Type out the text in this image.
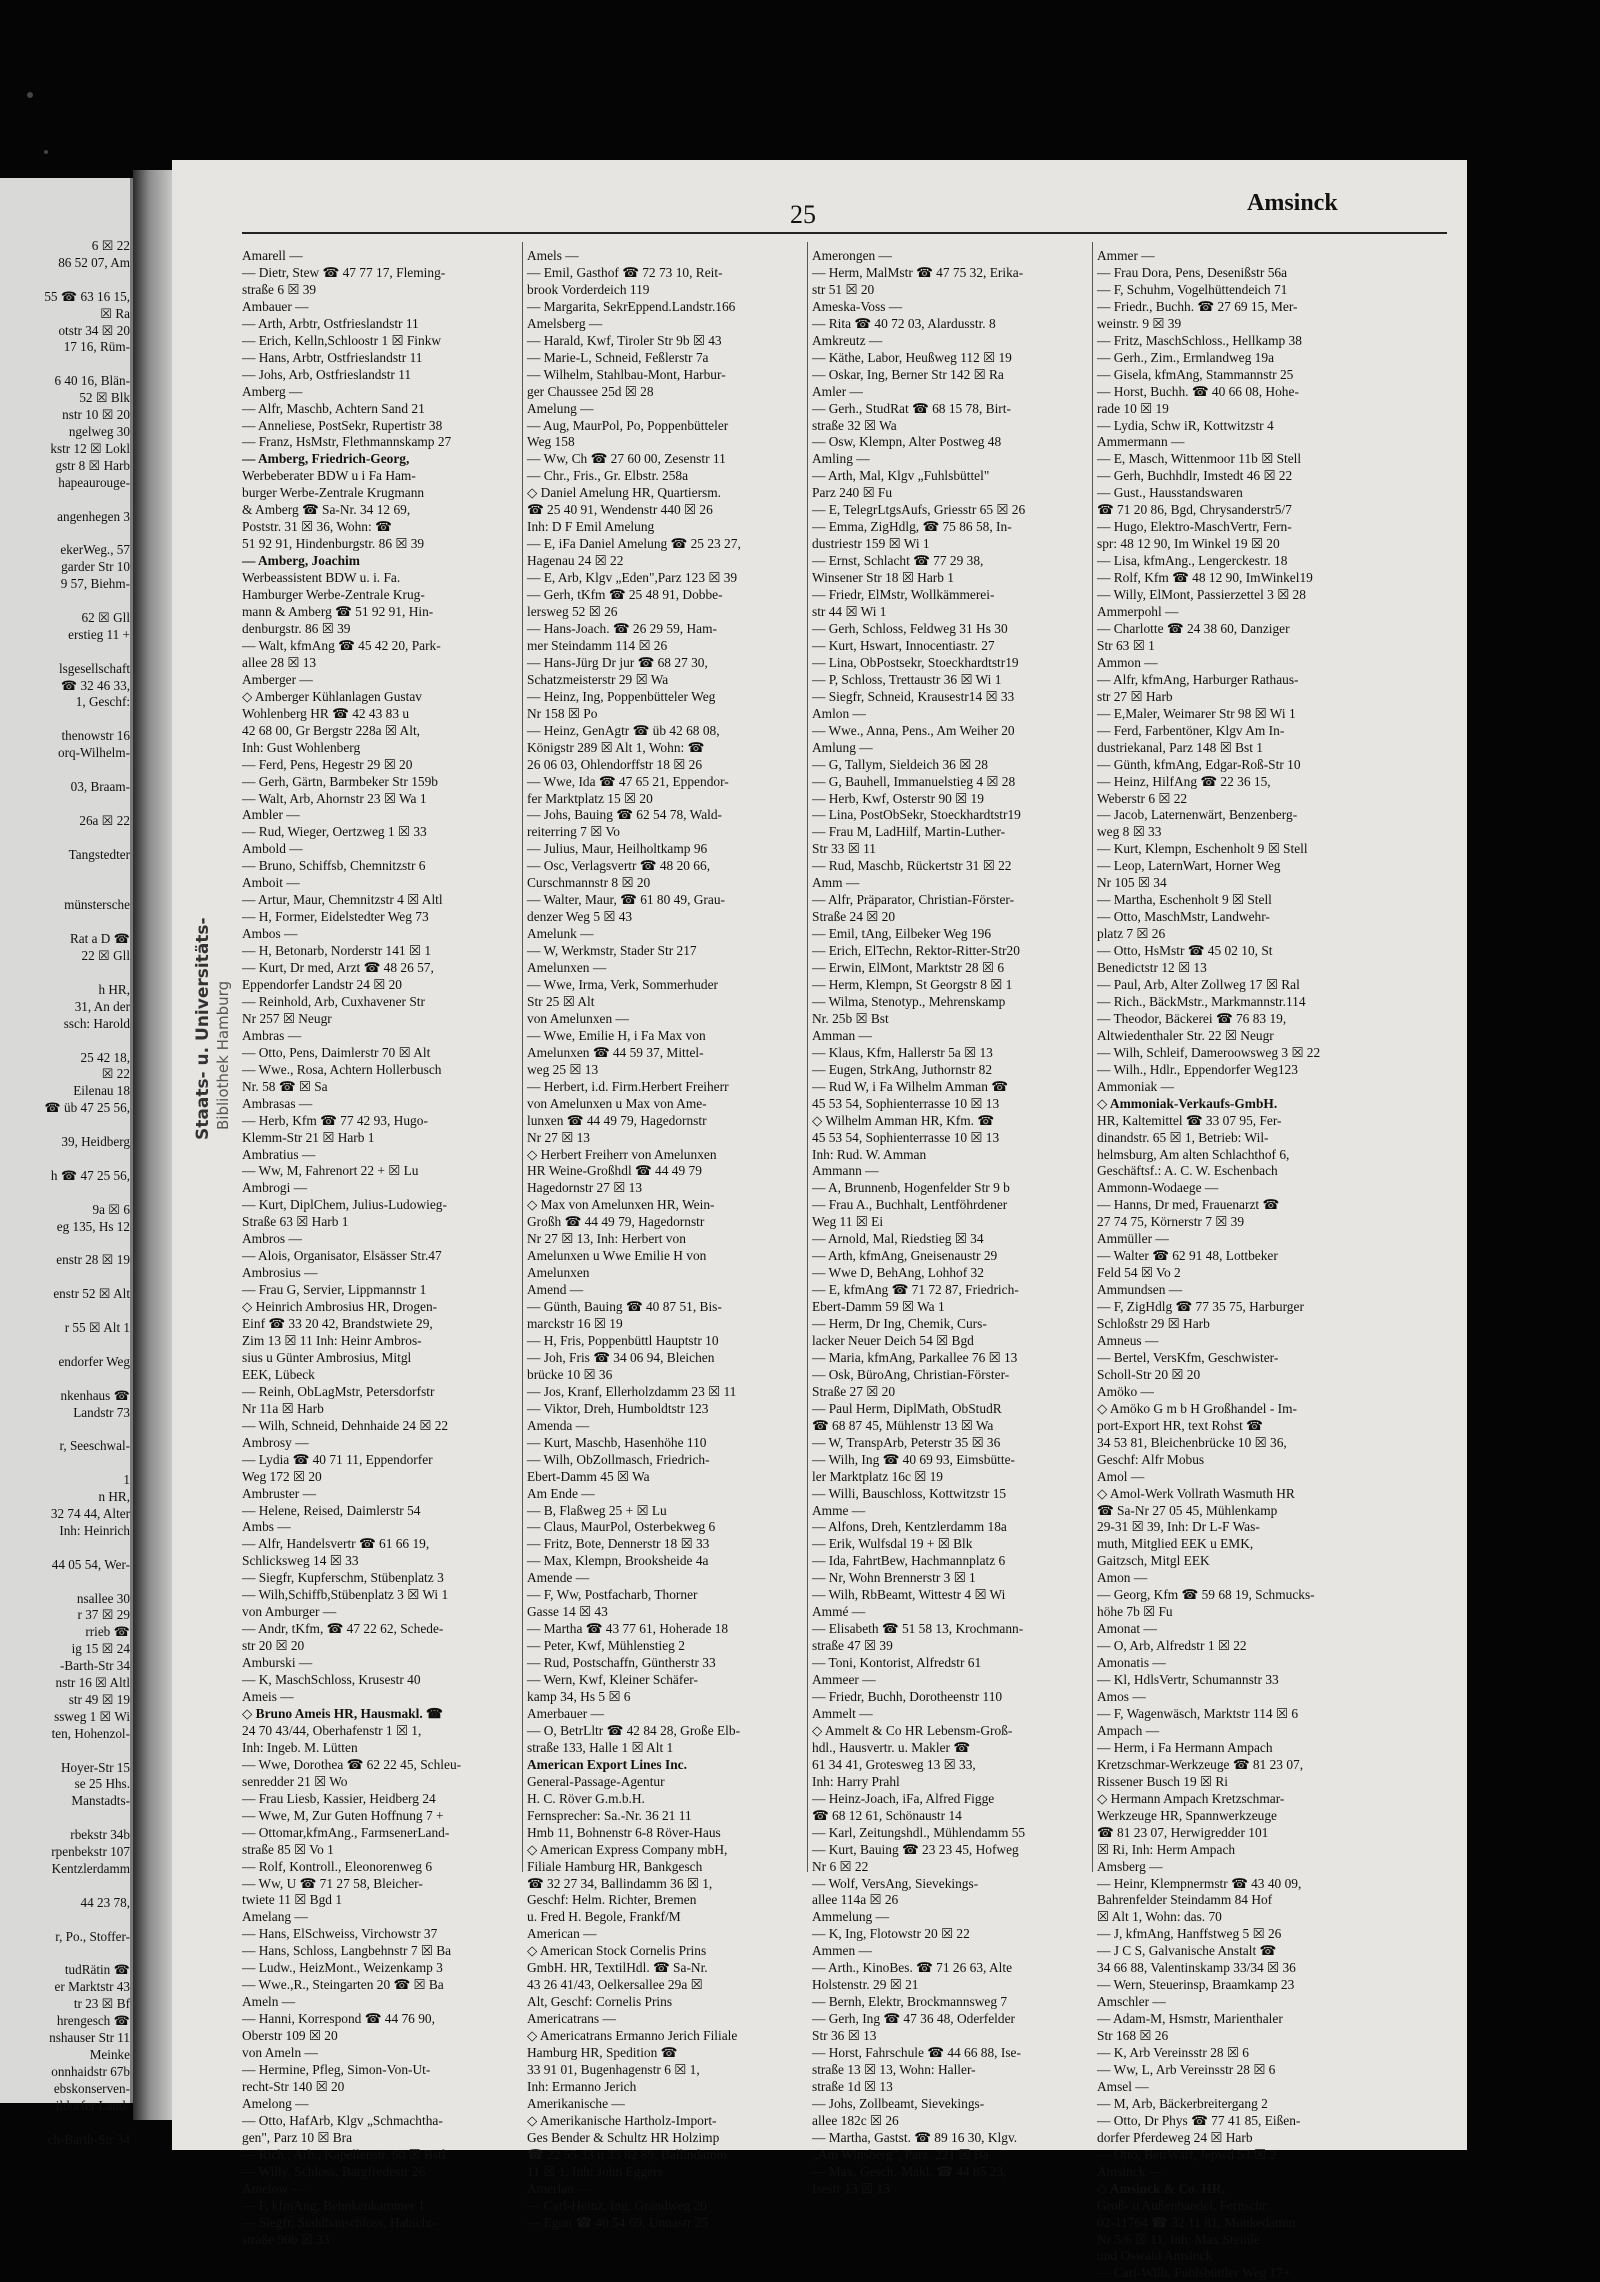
6 ☒ 22
86 52 07, Am

55 ☎ 63 16 15,
☒ Ra
otstr 34 ☒ 20
17 16, Rüm-

6 40 16, Blän-
52 ☒ Blk
nstr 10 ☒ 20
ngelweg 30
kstr 12 ☒ Lokl
gstr 8 ☒ Harb
hapeaurouge-

angenhegen 3

ekerWeg., 57
garder Str 10
9 57, Biehm-

62 ☒ Gll
erstieg 11 +

lsgesellschaft
☎ 32 46 33,
1, Geschf:

thenowstr 16
orq-Wilhelm-

03, Braam-

26a ☒ 22

Tangstedter

münstersche

Rat a D ☎
22 ☒ Gll

h HR,
31, An der
ssch: Harold

25 42 18,
☒ 22
Eilenau 18
☎ üb 47 25 56,

39, Heidberg

h ☎ 47 25 56,

9a ☒ 6
eg 135, Hs 12

enstr 28 ☒ 19

enstr 52 ☒ Alt

r 55 ☒ Alt 1

endorfer Weg

nkenhaus ☎
Landstr 73

r, Seeschwal-

1
n HR,
32 74 44, Alter
Inh: Heinrich

44 05 54, Wer-

nsallee 30
r 37 ☒ 29
rrieb ☎
ig 15 ☒ 24
-Barth-Str 34
nstr 16 ☒ Altl
str 49 ☒ 19
ssweg 1 ☒ Wi
ten, Hohenzol-

Hoyer-Str 15
se 25 Hhs.
Manstadts-

rbekstr 34b
rpenbekstr 107
Kentzlerdamm

44 23 78,

r, Po., Stoffer-

tudRätin ☎
er Marktstr 43
tr 23 ☒ Bf
hrengesch ☎
nshauser Str 11
Meinke
onnhaidstr 67b
ebskonserven-
ildorfer Land-

ch-Barth-Str 34
25	Amsinck
Amarell —
— Dietr, Stew ☎ 47 77 17, Fleming-
straße 6 ☒ 39
Ambauer —
— Arth, Arbtr, Ostfrieslandstr 11
— Erich, Kelln,Schloostr 1 ☒ Finkw
— Hans, Arbtr, Ostfrieslandstr 11
— Johs, Arb, Ostfrieslandstr 11
Amberg —
— Alfr, Maschb, Achtern Sand 21
— Anneliese, PostSekr, Rupertistr 38
— Franz, HsMstr, Flethmannskamp 27
— Amberg, Friedrich-Georg,
Werbeberater BDW u i Fa Ham-
burger Werbe-Zentrale Krugmann
& Amberg ☎ Sa-Nr. 34 12 69,
Poststr. 31 ☒ 36, Wohn: ☎
51 92 91, Hindenburgstr. 86 ☒ 39
— Amberg, Joachim
Werbeassistent BDW u. i. Fa.
Hamburger Werbe-Zentrale Krug-
mann & Amberg ☎ 51 92 91, Hin-
denburgstr. 86 ☒ 39
— Walt, kfmAng ☎ 45 42 20, Park-
allee 28 ☒ 13
Amberger —
◇ Amberger Kühlanlagen Gustav
Wohlenberg HR ☎ 42 43 83 u
42 68 00, Gr Bergstr 228a ☒ Alt,
Inh: Gust Wohlenberg
— Ferd, Pens, Hegestr 29 ☒ 20
— Gerh, Gärtn, Barmbeker Str 159b
— Walt, Arb, Ahornstr 23 ☒ Wa 1
Ambler —
— Rud, Wieger, Oertzweg 1 ☒ 33
Ambold —
— Bruno, Schiffsb, Chemnitzstr 6
Amboit —
— Artur, Maur, Chemnitzstr 4 ☒ Altl
— H, Former, Eidelstedter Weg 73
Ambos —
— H, Betonarb, Norderstr 141 ☒ 1
— Kurt, Dr med, Arzt ☎ 48 26 57,
Eppendorfer Landstr 24 ☒ 20
— Reinhold, Arb, Cuxhavener Str
Nr 257 ☒ Neugr
Ambras —
— Otto, Pens, Daimlerstr 70 ☒ Alt
— Wwe., Rosa, Achtern Hollerbusch
Nr. 58 ☎ ☒ Sa
Ambrasas —
— Herb, Kfm ☎ 77 42 93, Hugo-
Klemm-Str 21 ☒ Harb 1
Ambratius —
— Ww, M, Fahrenort 22 + ☒ Lu
Ambrogi —
— Kurt, DiplChem, Julius-Ludowieg-
Straße 63 ☒ Harb 1
Ambros —
— Alois, Organisator, Elsässer Str.47
Ambrosius —
— Frau G, Servier, Lippmannstr 1
◇ Heinrich Ambrosius HR, Drogen-
Einf ☎ 33 20 42, Brandstwiete 29,
Zim 13 ☒ 11 Inh: Heinr Ambros-
sius u Günter Ambrosius, Mitgl
EEK, Lübeck
— Reinh, ObLagMstr, Petersdorfstr
Nr 11a ☒ Harb
— Wilh, Schneid, Dehnhaide 24 ☒ 22
Ambrosy —
— Lydia ☎ 40 71 11, Eppendorfer
Weg 172 ☒ 20
Ambruster —
— Helene, Reised, Daimlerstr 54
Ambs —
— Alfr, Handelsvertr ☎ 61 66 19,
Schlicksweg 14 ☒ 33
— Siegfr, Kupferschm, Stübenplatz 3
— Wilh,Schiffb,Stübenplatz 3 ☒ Wi 1
von Amburger —
— Andr, tKfm, ☎ 47 22 62, Schede-
str 20 ☒ 20
Amburski —
— K, MaschSchloss, Krusestr 40
Ameis —
◇ Bruno Ameis HR, Hausmakl. ☎
24 70 43/44, Oberhafenstr 1 ☒ 1,
Inh: Ingeb. M. Lütten
— Wwe, Dorothea ☎ 62 22 45, Schleu-
senredder 21 ☒ Wo
— Frau Liesb, Kassier, Heidberg 24
— Wwe, M, Zur Guten Hoffnung 7 +
— Ottomar,kfmAng., FarmsenerLand-
straße 85 ☒ Vo 1
— Rolf, Kontroll., Eleonorenweg 6
— Ww, U ☎ 71 27 58, Bleicher-
twiete 11 ☒ Bgd 1
Amelang —
— Hans, ElSchweiss, Virchowstr 37
— Hans, Schloss, Langbehnstr 7 ☒ Ba
— Ludw., HeizMont., Weizenkamp 3
— Wwe.,R., Steingarten 20 ☎ ☒ Ba
Ameln —
— Hanni, Korrespond ☎ 44 76 90,
Oberstr 109 ☒ 20
von Ameln —
— Hermine, Pfleg, Simon-Von-Ut-
recht-Str 140 ☒ 20
Amelong —
— Otto, HafArb, Klgv „Schmachtha-
gen", Parz 10 ☒ Bra
— Rich., Arb., Kapellenstr. 60 ☒ Bstl
— Willy, Schloss, Bargfredestr 26
Amelow —
— F, kfmAng, Behnkenkammer 1
— Siegfr, Stahlbauschloss, Habicht-
straße 90b ☒ 33
Amels —
— Emil, Gasthof ☎ 72 73 10, Reit-
brook Vorderdeich 119
— Margarita, SekrEppend.Landstr.166
Amelsberg —
— Harald, Kwf, Tiroler Str 9b ☒ 43
— Marie-L, Schneid, Feßlerstr 7a
— Wilhelm, Stahlbau-Mont, Harbur-
ger Chaussee 25d ☒ 28
Amelung —
— Aug, MaurPol, Po, Poppenbütteler
Weg 158
— Ww, Ch ☎ 27 60 00, Zesenstr 11
— Chr., Fris., Gr. Elbstr. 258a
◇ Daniel Amelung HR, Quartiersm.
☎ 25 40 91, Wendenstr 440 ☒ 26
Inh: D F Emil Amelung
— E, iFa Daniel Amelung ☎ 25 23 27,
Hagenau 24 ☒ 22
— E, Arb, Klgv „Eden",Parz 123 ☒ 39
— Gerh, tKfm ☎ 25 48 91, Dobbe-
lersweg 52 ☒ 26
— Hans-Joach. ☎ 26 29 59, Ham-
mer Steindamm 114 ☒ 26
— Hans-Jürg Dr jur ☎ 68 27 30,
Schatzmeisterstr 29 ☒ Wa
— Heinz, Ing, Poppenbütteler Weg
Nr 158 ☒ Po
— Heinz, GenAgtr ☎ üb 42 68 08,
Königstr 289 ☒ Alt 1, Wohn: ☎
26 06 03, Ohlendorffstr 18 ☒ 26
— Wwe, Ida ☎ 47 65 21, Eppendor-
fer Marktplatz 15 ☒ 20
— Johs, Bauing ☎ 62 54 78, Wald-
reiterring 7 ☒ Vo
— Julius, Maur, Heilholtkamp 96
— Osc, Verlagsvertr ☎ 48 20 66,
Curschmannstr 8 ☒ 20
— Walter, Maur, ☎ 61 80 49, Grau-
denzer Weg 5 ☒ 43
Amelunk —
— W, Werkmstr, Stader Str 217
Amelunxen —
— Wwe, Irma, Verk, Sommerhuder
Str 25 ☒ Alt
von Amelunxen —
— Wwe, Emilie H, i Fa Max von
Amelunxen ☎ 44 59 37, Mittel-
weg 25 ☒ 13
— Herbert, i.d. Firm.Herbert Freiherr
von Amelunxen u Max von Ame-
lunxen ☎ 44 49 79, Hagedornstr
Nr 27 ☒ 13
◇ Herbert Freiherr von Amelunxen
HR Weine-Großhdl ☎ 44 49 79
Hagedornstr 27 ☒ 13
◇ Max von Amelunxen HR, Wein-
Großh ☎ 44 49 79, Hagedornstr
Nr 27 ☒ 13, Inh: Herbert von
Amelunxen u Wwe Emilie H von
Amelunxen
Amend —
— Günth, Bauing ☎ 40 87 51, Bis-
marckstr 16 ☒ 19
— H, Fris, Poppenbüttl Hauptstr 10
— Joh, Fris ☎ 34 06 94, Bleichen
brücke 10 ☒ 36
— Jos, Kranf, Ellerholzdamm 23 ☒ 11
— Viktor, Dreh, Humboldtstr 123
Amenda —
— Kurt, Maschb, Hasenhöhe 110
— Wilh, ObZollmasch, Friedrich-
Ebert-Damm 45 ☒ Wa
Am Ende —
— B, Flaßweg 25 + ☒ Lu
— Claus, MaurPol, Osterbekweg 6
— Fritz, Bote, Dennerstr 18 ☒ 33
— Max, Klempn, Brooksheide 4a
Amende —
— F, Ww, Postfacharb, Thorner
Gasse 14 ☒ 43
— Martha ☎ 43 77 61, Hoherade 18
— Peter, Kwf, Mühlenstieg 2
— Rud, Postschaffn, Güntherstr 33
— Wern, Kwf, Kleiner Schäfer-
kamp 34, Hs 5 ☒ 6
Amerbauer —
— O, BetrLltr ☎ 42 84 28, Große Elb-
straße 133, Halle 1 ☒ Alt 1
American Export Lines Inc.
General-Passage-Agentur
H. C. Röver G.m.b.H.
Fernsprecher: Sa.-Nr. 36 21 11
Hmb 11, Bohnenstr 6-8 Röver-Haus
◇ American Express Company mbH,
Filiale Hamburg HR, Bankgesch
☎ 32 27 34, Ballindamm 36 ☒ 1,
Geschf: Helm. Richter, Bremen
u. Fred H. Begole, Frankf/M
American —
◇ American Stock Cornelis Prins
GmbH. HR, TextilHdl. ☎ Sa-Nr.
43 26 41/43, Oelkersallee 29a ☒
Alt, Geschf: Cornelis Prins
Americatrans —
◇ Americatrans Ermanno Jerich Filiale
Hamburg HR, Spedition ☎
33 91 01, Bugenhagenstr 6 ☒ 1,
Inh: Ermanno Jerich
Amerikanische —
◇ Amerikanische Hartholz-Import-
Ges Bender & Schultz HR Holzimp
☎ 22 55 33 u 33 82 89, Ballindamm
11 ☒ 1, Inh: John Eggers
Amerlan —
— Carl-Heinz, Ing, Grandweg 20
— Egon ☎ 40 54 69, Unnastr 25
Amerongen —
— Herm, MalMstr ☎ 47 75 32, Erika-
str 51 ☒ 20
Ameska-Voss —
— Rita ☎ 40 72 03, Alardusstr. 8
Amkreutz —
— Käthe, Labor, Heußweg 112 ☒ 19
— Oskar, Ing, Berner Str 142 ☒ Ra
Amler —
— Gerh., StudRat ☎ 68 15 78, Birt-
straße 32 ☒ Wa
— Osw, Klempn, Alter Postweg 48
Amling —
— Arth, Mal, Klgv „Fuhlsbüttel"
Parz 240 ☒ Fu
— E, TelegrLtgsAufs, Griesstr 65 ☒ 26
— Emma, ZigHdlg, ☎ 75 86 58, In-
dustriestr 159 ☒ Wi 1
— Ernst, Schlacht ☎ 77 29 38,
Winsener Str 18 ☒ Harb 1
— Friedr, ElMstr, Wollkämmerei-
str 44 ☒ Wi 1
— Gerh, Schloss, Feldweg 31 Hs 30
— Kurt, Hswart, Innocentiastr. 27
— Lina, ObPostsekr, Stoeckhardtstr19
— P, Schloss, Trettaustr 36 ☒ Wi 1
— Siegfr, Schneid, Krausestr14 ☒ 33
Amlon —
— Wwe., Anna, Pens., Am Weiher 20
Amlung —
— G, Tallym, Sieldeich 36 ☒ 28
— G, Bauhell, Immanuelstieg 4 ☒ 28
— Herb, Kwf, Osterstr 90 ☒ 19
— Lina, PostObSekr, Stoeckhardtstr19
— Frau M, LadHilf, Martin-Luther-
Str 33 ☒ 11
— Rud, Maschb, Rückertstr 31 ☒ 22
Amm —
— Alfr, Präparator, Christian-Förster-
Straße 24 ☒ 20
— Emil, tAng, Eilbeker Weg 196
— Erich, ElTechn, Rektor-Ritter-Str20
— Erwin, ElMont, Marktstr 28 ☒ 6
— Herm, Klempn, St Georgstr 8 ☒ 1
— Wilma, Stenotyp., Mehrenskamp
Nr. 25b ☒ Bst
Amman —
— Klaus, Kfm, Hallerstr 5a ☒ 13
— Eugen, StrkAng, Juthornstr 82
— Rud W, i Fa Wilhelm Amman ☎
45 53 54, Sophienterrasse 10 ☒ 13
◇ Wilhelm Amman HR, Kfm. ☎
45 53 54, Sophienterrasse 10 ☒ 13
Inh: Rud. W. Amman
Ammann —
— A, Brunnenb, Hogenfelder Str 9 b
— Frau A., Buchhalt, Lentföhrdener
Weg 11 ☒ Ei
— Arnold, Mal, Riedstieg ☒ 34
— Arth, kfmAng, Gneisenaustr 29
— Wwe D, BehAng, Lohhof 32
— E, kfmAng ☎ 71 72 87, Friedrich-
Ebert-Damm 59 ☒ Wa 1
— Herm, Dr Ing, Chemik, Curs-
lacker Neuer Deich 54 ☒ Bgd
— Maria, kfmAng, Parkallee 76 ☒ 13
— Osk, BüroAng, Christian-Förster-
Straße 27 ☒ 20
— Paul Herm, DiplMath, ObStudR
☎ 68 87 45, Mühlenstr 13 ☒ Wa
— W, TranspArb, Peterstr 35 ☒ 36
— Wilh, Ing ☎ 40 69 93, Eimsbütte-
ler Marktplatz 16c ☒ 19
— Willi, Bauschloss, Kottwitzstr 15
Amme —
— Alfons, Dreh, Kentzlerdamm 18a
— Erik, Wulfsdal 19 + ☒ Blk
— Ida, FahrtBew, Hachmannplatz 6
— Nr, Wohn Brennerstr 3 ☒ 1
— Wilh, RbBeamt, Wittestr 4 ☒ Wi
Ammé —
— Elisabeth ☎ 51 58 13, Krochmann-
straße 47 ☒ 39
— Toni, Kontorist, Alfredstr 61
Ammeer —
— Friedr, Buchh, Dorotheenstr 110
Ammelt —
◇ Ammelt & Co HR Lebensm-Groß-
hdl., Hausvertr. u. Makler ☎
61 34 41, Grotesweg 13 ☒ 33,
Inh: Harry Prahl
— Heinz-Joach, iFa, Alfred Figge
☎ 68 12 61, Schönaustr 14
— Karl, Zeitungshdl., Mühlendamm 55
— Kurt, Bauing ☎ 23 23 45, Hofweg
Nr 6 ☒ 22
— Wolf, VersAng, Sievekings-
allee 114a ☒ 26
Ammelung —
— K, Ing, Flotowstr 20 ☒ 22
Ammen —
— Arth., KinoBes. ☎ 71 26 63, Alte
Holstenstr. 29 ☒ 21
— Bernh, Elektr, Brockmannsweg 7
— Gerh, Ing ☎ 47 36 48, Oderfelder
Str 36 ☒ 13
— Horst, Fahrschule ☎ 44 66 88, Ise-
straße 13 ☒ 13, Wohn: Haller-
straße 1d ☒ 13
— Johs, Zollbeamt, Sievekings-
allee 182c ☒ 26
— Martha, Gastst. ☎ 89 16 30, Klgv.
„Am Winsberg", Parz. 221 ☒ Ba
— Max, Gesch.-Makl. ☎ 44 85 23,
Isestr 13 ☒ 13
Ammer —
— Frau Dora, Pens, Desenißstr 56a
— F, Schuhm, Vogelhüttendeich 71
— Friedr., Buchh. ☎ 27 69 15, Mer-
weinstr. 9 ☒ 39
— Fritz, MaschSchloss., Hellkamp 38
— Gerh., Zim., Ermlandweg 19a
— Gisela, kfmAng, Stammannstr 25
— Horst, Buchh. ☎ 40 66 08, Hohe-
rade 10 ☒ 19
— Lydia, Schw iR, Kottwitzstr 4
Ammermann —
— E, Masch, Wittenmoor 11b ☒ Stell
— Gerh, Buchhdlr, Imstedt 46 ☒ 22
— Gust., Hausstandswaren
☎ 71 20 86, Bgd, Chrysanderstr5/7
— Hugo, Elektro-MaschVertr, Fern-
spr: 48 12 90, Im Winkel 19 ☒ 20
— Lisa, kfmAng., Lengerckestr. 18
— Rolf, Kfm ☎ 48 12 90, ImWinkel19
— Willy, ElMont, Passierzettel 3 ☒ 28
Ammerpohl —
— Charlotte ☎ 24 38 60, Danziger
Str 63 ☒ 1
Ammon —
— Alfr, kfmAng, Harburger Rathaus-
str 27 ☒ Harb
— E,Maler, Weimarer Str 98 ☒ Wi 1
— Ferd, Farbentöner, Klgv Am In-
dustriekanal, Parz 148 ☒ Bst 1
— Günth, kfmAng, Edgar-Roß-Str 10
— Heinz, HilfAng ☎ 22 36 15,
Weberstr 6 ☒ 22
— Jacob, Laternenwärt, Benzenberg-
weg 8 ☒ 33
— Kurt, Klempn, Eschenholt 9 ☒ Stell
— Leop, LaternWart, Horner Weg
Nr 105 ☒ 34
— Martha, Eschenholt 9 ☒ Stell
— Otto, MaschMstr, Landwehr-
platz 7 ☒ 26
— Otto, HsMstr ☎ 45 02 10, St
Benedictstr 12 ☒ 13
— Paul, Arb, Alter Zollweg 17 ☒ Ral
— Rich., BäckMstr., Markmannstr.114
— Theodor, Bäckerei ☎ 76 83 19,
Altwiedenthaler Str. 22 ☒ Neugr
— Wilh, Schleif, Dameroowsweg 3 ☒ 22
— Wilh., Hdlr., Eppendorfer Weg123
Ammoniak —
◇ Ammoniak-Verkaufs-GmbH.
HR, Kaltemittel ☎ 33 07 95, Fer-
dinandstr. 65 ☒ 1, Betrieb: Wil-
helmsburg, Am alten Schlachthof 6,
Geschäftsf.: A. C. W. Eschenbach
Ammonn-Wodaege —
— Hanns, Dr med, Frauenarzt ☎
27 74 75, Körnerstr 7 ☒ 39
Ammüller —
— Walter ☎ 62 91 48, Lottbeker
Feld 54 ☒ Vo 2
Ammundsen —
— F, ZigHdlg ☎ 77 35 75, Harburger
Schloßstr 29 ☒ Harb
Amneus —
— Bertel, VersKfm, Geschwister-
Scholl-Str 20 ☒ 20
Amöko —
◇ Amöko G m b H Großhandel - Im-
port-Export HR, text Rohst ☎
34 53 81, Bleichenbrücke 10 ☒ 36,
Geschf: Alfr Mobus
Amol —
◇ Amol-Werk Vollrath Wasmuth HR
☎ Sa-Nr 27 05 45, Mühlenkamp
29-31 ☒ 39, Inh: Dr L-F Was-
muth, Mitglied EEK u EMK,
Gaitzsch, Mitgl EEK
Amon —
— Georg, Kfm ☎ 59 68 19, Schmucks-
höhe 7b ☒ Fu
Amonat —
— O, Arb, Alfredstr 1 ☒ 22
Amonatis —
— Kl, HdlsVertr, Schumannstr 33
Amos —
— F, Wagenwäsch, Marktstr 114 ☒ 6
Ampach —
— Herm, i Fa Hermann Ampach
Kretzschmar-Werkzeuge ☎ 81 23 07,
Rissener Busch 19 ☒ Ri
◇ Hermann Ampach Kretzschmar-
Werkzeuge HR, Spannwerkzeuge
☎ 81 23 07, Herwigredder 101
☒ Ri, Inh: Herm Ampach
Amsberg —
— Heinr, Klempnermstr ☎ 43 40 09,
Bahrenfelder Steindamm 84 Hof
☒ Alt 1, Wohn: das. 70
— J, kfmAng, Hanffstweg 5 ☒ 26
— J C S, Galvanische Anstalt ☎
34 66 88, Valentinskamp 33/34 ☒ 36
— Wern, Steuerinsp, Braamkamp 23
Amschler —
— Adam-M, Hsmstr, Marienthaler
Str 168 ☒ 26
— K, Arb Vereinsstr 28 ☒ 6
— Ww, L, Arb Vereinsstr 28 ☒ 6
Amsel —
— M, Arb, Bäckerbreitergang 2
— Otto, Dr Phys ☎ 77 41 85, Eißen-
dorfer Pferdeweg 24 ☒ Harb
— Otto, BetrWart, Jepwd 53 ☒ 2
Amsinck —
◇ Amsinck & Co. HR,
Groß- u Außenhandel, Fernschr:
02-11764 ☎ 32 11 81, Mönkedamm
Nr 5/6 ☒ 11, Inh: Max Steinle
und Oswald Amsinck
— Carl-Wilh, Fuhlsbüttler Weg 17+
Staats- u. Universitäts- Bibliothek Hamburg
